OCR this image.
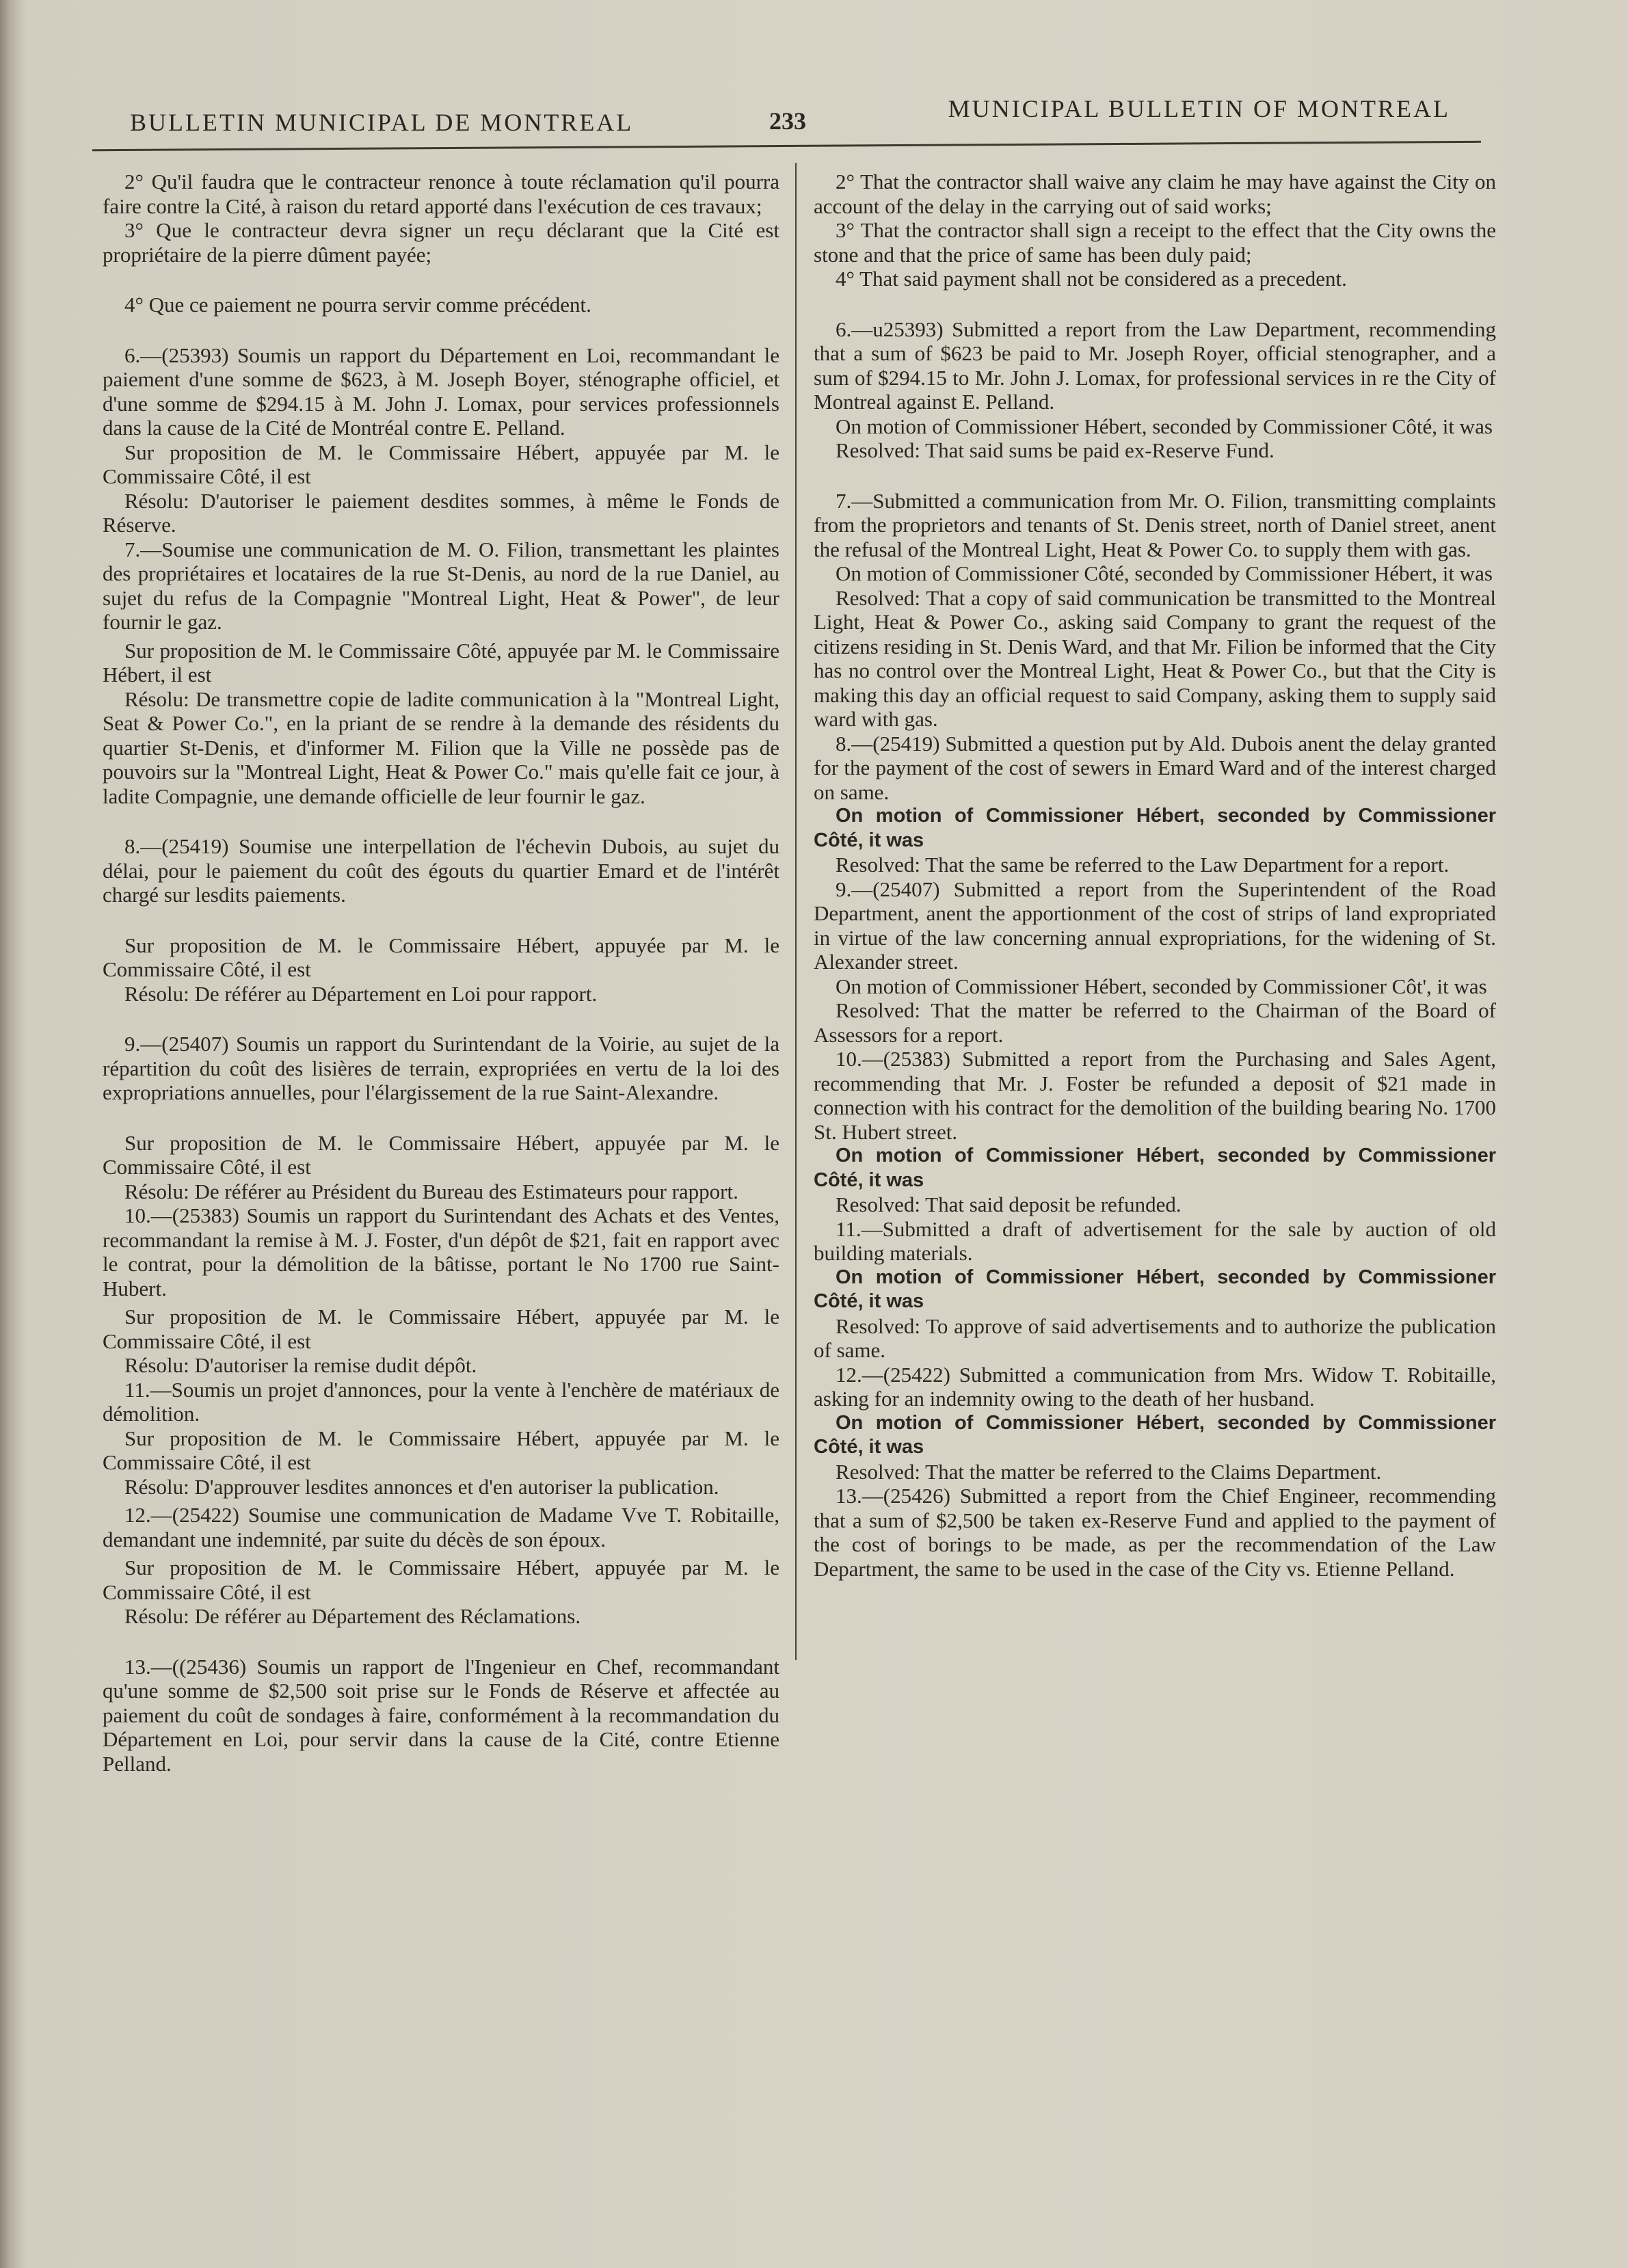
BULLETIN MUNICIPAL DE MONTREAL	233	MUNICIPAL BULLETIN OF MONTREAL

2° Qu'il faudra que le contracteur renonce à toute réclamation qu'il pourra faire contre la Cité, à raison du retard apporté dans l'exécution de ces travaux;

3° Que le contracteur devra signer un reçu déclarant que la Cité est propriétaire de la pierre dûment payée;

4° Que ce paiement ne pourra servir comme précédent.

6.—(25393) Soumis un rapport du Département en Loi, recommandant le paiement d'une somme de $623, à M. Joseph Boyer, sténographe officiel, et d'une somme de $294.15 à M. John J. Lomax, pour services professionnels dans la cause de la Cité de Montréal contre E. Pelland.

Sur proposition de M. le Commissaire Hébert, appuyée par M. le Commissaire Côté, il est

Résolu: D'autoriser le paiement desdites sommes, à même le Fonds de Réserve.

7.—Soumise une communication de M. O. Filion, transmettant les plaintes des propriétaires et locataires de la rue St-Denis, au nord de la rue Daniel, au sujet du refus de la Compagnie "Montreal Light, Heat & Power", de leur fournir le gaz.

Sur proposition de M. le Commissaire Côté, appuyée par M. le Commissaire Hébert, il est

Résolu: De transmettre copie de ladite communication à la "Montreal Light, Seat & Power Co.", en la priant de se rendre à la demande des résidents du quartier St-Denis, et d'informer M. Filion que la Ville ne possède pas de pouvoirs sur la "Montreal Light, Heat & Power Co." mais qu'elle fait ce jour, à ladite Compagnie, une demande officielle de leur fournir le gaz.

8.—(25419) Soumise une interpellation de l'échevin Dubois, au sujet du délai, pour le paiement du coût des égouts du quartier Emard et de l'intérêt chargé sur lesdits paiements.

Sur proposition de M. le Commissaire Hébert, appuyée par M. le Commissaire Côté, il est

Résolu: De référer au Département en Loi pour rapport.

9.—(25407) Soumis un rapport du Surintendant de la Voirie, au sujet de la répartition du coût des lisières de terrain, expropriées en vertu de la loi des expropriations annuelles, pour l'élargissement de la rue Saint-Alexandre.

Sur proposition de M. le Commissaire Hébert, appuyée par M. le Commissaire Côté, il est

Résolu: De référer au Président du Bureau des Estimateurs pour rapport.

10.—(25383) Soumis un rapport du Surintendant des Achats et des Ventes, recommandant la remise à M. J. Foster, d'un dépôt de $21, fait en rapport avec le contrat, pour la démolition de la bâtisse, portant le No 1700 rue Saint-Hubert.

Sur proposition de M. le Commissaire Hébert, appuyée par M. le Commissaire Côté, il est

Résolu: D'autoriser la remise dudit dépôt.

11.—Soumis un projet d'annonces, pour la vente à l'enchère de matériaux de démolition.

Sur proposition de M. le Commissaire Hébert, appuyée par M. le Commissaire Côté, il est

Résolu: D'approuver lesdites annonces et d'en autoriser la publication.

12.—(25422) Soumise une communication de Madame Vve T. Robitaille, demandant une indemnité, par suite du décès de son époux.

Sur proposition de M. le Commissaire Hébert, appuyée par M. le Commissaire Côté, il est

Résolu: De référer au Département des Réclamations.

13.—((25436) Soumis un rapport de l'Ingenieur en Chef, recommandant qu'une somme de $2,500 soit prise sur le Fonds de Réserve et affectée au paiement du coût de sondages à faire, conformément à la recommandation du Département en Loi, pour servir dans la cause de la Cité, contre Etienne Pelland.

2° That the contractor shall waive any claim he may have against the City on account of the delay in the carrying out of said works;

3° That the contractor shall sign a receipt to the effect that the City owns the stone and that the price of same has been duly paid;

4° That said payment shall not be considered as a precedent.

6.—u25393) Submitted a report from the Law Department, recommending that a sum of $623 be paid to Mr. Joseph Royer, official stenographer, and a sum of $294.15 to Mr. John J. Lomax, for professional services in re the City of Montreal against E. Pelland.

On motion of Commissioner Hébert, seconded by Commissioner Côté, it was

Resolved: That said sums be paid ex-Reserve Fund.

7.—Submitted a communication from Mr. O. Filion, transmitting complaints from the proprietors and tenants of St. Denis street, north of Daniel street, anent the refusal of the Montreal Light, Heat & Power Co. to supply them with gas.

On motion of Commissioner Côté, seconded by Commissioner Hébert, it was

Resolved: That a copy of said communication be transmitted to the Montreal Light, Heat & Power Co., asking said Company to grant the request of the citizens residing in St. Denis Ward, and that Mr. Filion be informed that the City has no control over the Montreal Light, Heat & Power Co., but that the City is making this day an official request to said Company, asking them to supply said ward with gas.

8.—(25419) Submitted a question put by Ald. Dubois anent the delay granted for the payment of the cost of sewers in Emard Ward and of the interest charged on same.

On motion of Commissioner Hébert, seconded by Commissioner Côté, it was

Resolved: That the same be referred to the Law Department for a report.

9.—(25407) Submitted a report from the Superintendent of the Road Department, anent the apportionment of the cost of strips of land expropriated in virtue of the law concerning annual expropriations, for the widening of St. Alexander street.

On motion of Commissioner Hébert, seconded by Commissioner Côt', it was

Resolved: That the matter be referred to the Chairman of the Board of Assessors for a report.

10.—(25383) Submitted a report from the Purchasing and Sales Agent, recommending that Mr. J. Foster be refunded a deposit of $21 made in connection with his contract for the demolition of the building bearing No. 1700 St. Hubert street.

On motion of Commissioner Hébert, seconded by Commissioner Côté, it was

Resolved: That said deposit be refunded.

11.—Submitted a draft of advertisement for the sale by auction of old building materials.

On motion of Commissioner Hébert, seconded by Commissioner Côté, it was

Resolved: To approve of said advertisements and to authorize the publication of same.

12.—(25422) Submitted a communication from Mrs. Widow T. Robitaille, asking for an indemnity owing to the death of her husband.

On motion of Commissioner Hébert, seconded by Commissioner Côté, it was

Resolved: That the matter be referred to the Claims Department.

13.—(25426) Submitted a report from the Chief Engineer, recommending that a sum of $2,500 be taken ex-Reserve Fund and applied to the payment of the cost of borings to be made, as per the recommendation of the Law Department, the same to be used in the case of the City vs. Etienne Pelland.
